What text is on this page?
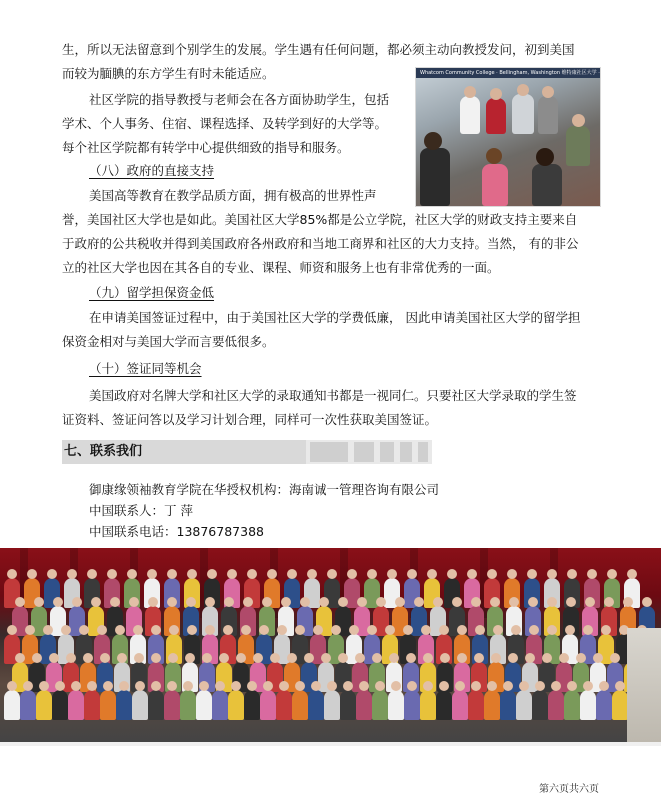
生，所以无法留意到个别学生的发展。学生遇有任何问题，都必须主动向教授发问，初到美国

而较为腼腆的东方学生有时未能适应。

社区学院的指导教授与老师会在各方面协助学生，包括

学术、个人事务、住宿、课程选择、及转学到好的大学等。

每个社区学院都有转学中心提供细致的指导和服务。

Whatcom Community College · Bellingham, Washington 维特康社区大学 · 华盛顿州
（八）政府的直接支持

美国高等教育在教学品质方面，拥有极高的世界性声

誉，美国社区大学也是如此。美国社区大学85%都是公立学院，社区大学的财政支持主要来自

于政府的公共税收并得到美国政府各州政府和当地工商界和社区的大力支持。当然， 有的非公

立的社区大学也因在其各自的专业、课程、师资和服务上也有非常优秀的一面。

（九）留学担保资金低

在申请美国签证过程中，由于美国社区大学的学费低廉， 因此申请美国社区大学的留学担

保资金相对与美国大学而言要低很多。

（十）签证同等机会

美国政府对名牌大学和社区大学的录取通知书都是一视同仁。只要社区大学录取的学生签

证资料、签证问答以及学习计划合理，同样可一次性获取美国签证。

七、联系我们
御康缘领袖教育学院在华授权机构：海南诚一管理咨询有限公司
中国联系人：丁 萍
中国联系电话：13876787388
第六页共六页
